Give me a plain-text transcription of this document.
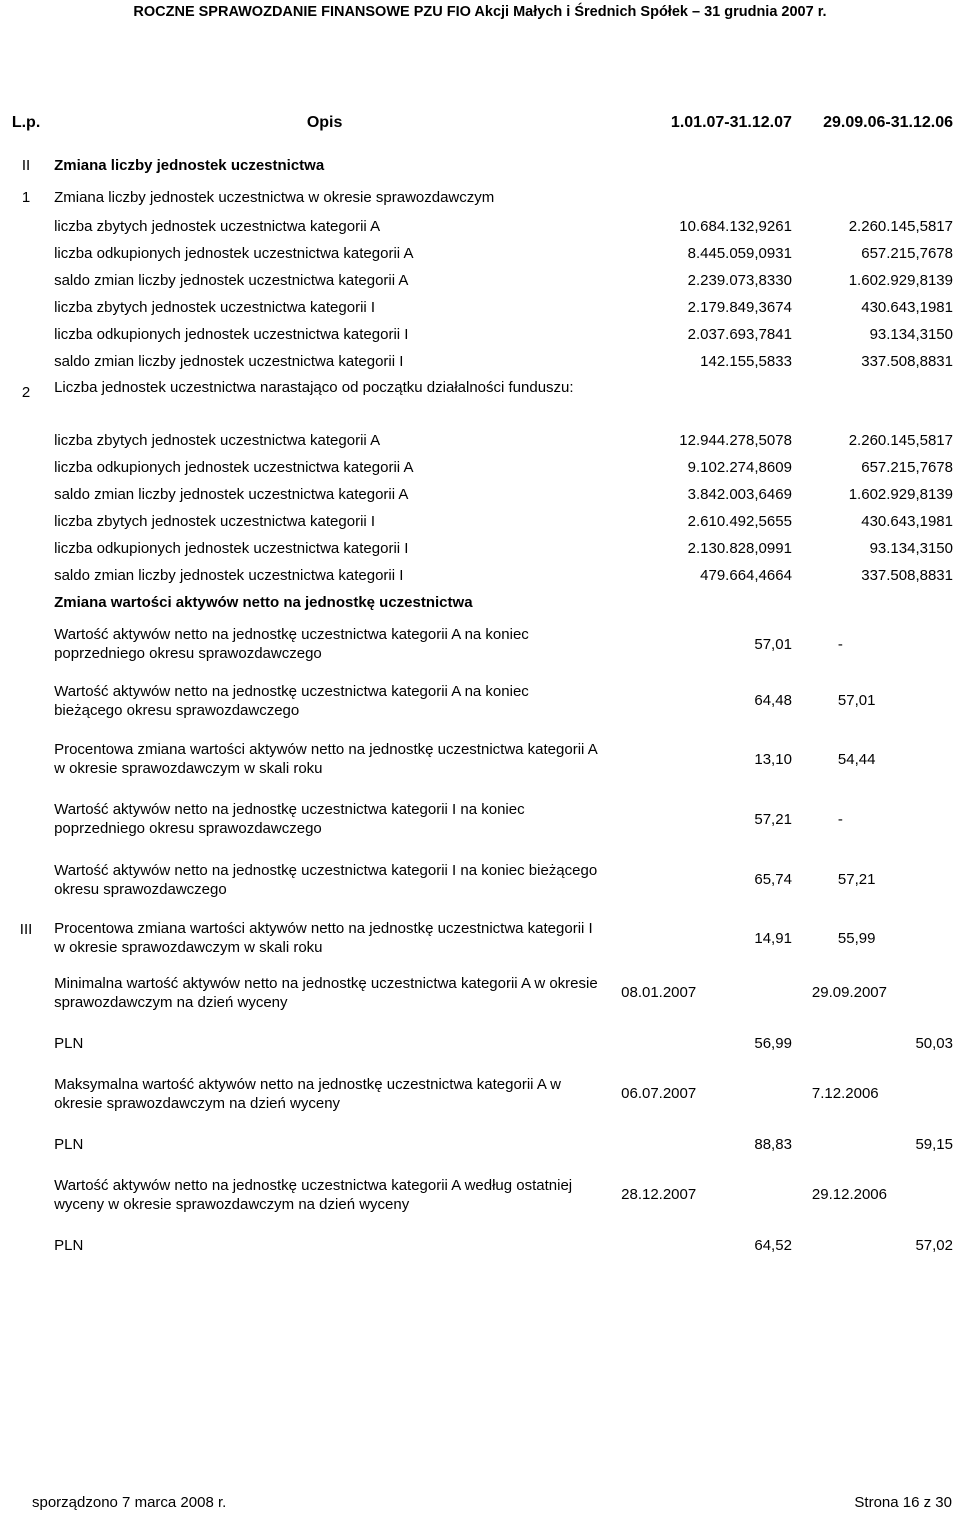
ROCZNE SPRAWOZDANIE FINANSOWE PZU FIO Akcji Małych i Średnich Spółek – 31 grudnia 2007 r.
L.p.	Opis	1.01.07-31.12.07	29.09.06-31.12.06
II	Zmiana liczby jednostek uczestnictwa		
1	Zmiana liczby jednostek uczestnictwa w okresie sprawozdawczym		
	liczba zbytych jednostek uczestnictwa kategorii A	10.684.132,9261	2.260.145,5817
	liczba odkupionych jednostek uczestnictwa kategorii A	8.445.059,0931	657.215,7678
	saldo zmian liczby jednostek uczestnictwa kategorii A	2.239.073,8330	1.602.929,8139
	liczba zbytych jednostek uczestnictwa kategorii I	2.179.849,3674	430.643,1981
	liczba odkupionych jednostek uczestnictwa kategorii I	2.037.693,7841	93.134,3150
	saldo zmian liczby jednostek uczestnictwa kategorii I	142.155,5833	337.508,8831
2	Liczba jednostek uczestnictwa narastająco od początku działalności funduszu:		
	liczba zbytych jednostek uczestnictwa kategorii A	12.944.278,5078	2.260.145,5817
	liczba odkupionych jednostek uczestnictwa kategorii A	9.102.274,8609	657.215,7678
	saldo zmian liczby jednostek uczestnictwa kategorii A	3.842.003,6469	1.602.929,8139
	liczba zbytych jednostek uczestnictwa kategorii I	2.610.492,5655	430.643,1981
	liczba odkupionych jednostek uczestnictwa kategorii I	2.130.828,0991	93.134,3150
	saldo zmian liczby jednostek uczestnictwa kategorii I	479.664,4664	337.508,8831
III	Zmiana wartości aktywów netto na jednostkę uczestnictwa		
	Wartość aktywów netto na jednostkę uczestnictwa kategorii A na koniec poprzedniego okresu sprawozdawczego	57,01	-
	Wartość aktywów netto na jednostkę uczestnictwa kategorii A na koniec bieżącego okresu sprawozdawczego	64,48	57,01
	Procentowa zmiana wartości aktywów netto na jednostkę uczestnictwa kategorii A w okresie sprawozdawczym w skali roku	13,10	54,44
	Wartość aktywów netto na jednostkę uczestnictwa kategorii I na koniec poprzedniego okresu sprawozdawczego	57,21	-
	Wartość aktywów netto na jednostkę uczestnictwa kategorii I na koniec bieżącego okresu sprawozdawczego	65,74	57,21
	Procentowa zmiana wartości aktywów netto na jednostkę uczestnictwa kategorii I w okresie sprawozdawczym w skali roku	14,91	55,99
	Minimalna wartość aktywów netto na jednostkę uczestnictwa kategorii A w okresie sprawozdawczym na dzień wyceny	08.01.2007	29.09.2007
	PLN	56,99	50,03
	Maksymalna wartość aktywów netto na jednostkę uczestnictwa kategorii A w okresie sprawozdawczym na dzień wyceny	06.07.2007	7.12.2006
	PLN	88,83	59,15
	Wartość aktywów netto na jednostkę uczestnictwa kategorii A według ostatniej wyceny w okresie sprawozdawczym na dzień wyceny	28.12.2007	29.12.2006
	PLN	64,52	57,02
sporządzono 7 marca 2008 r.	Strona 16 z 30
